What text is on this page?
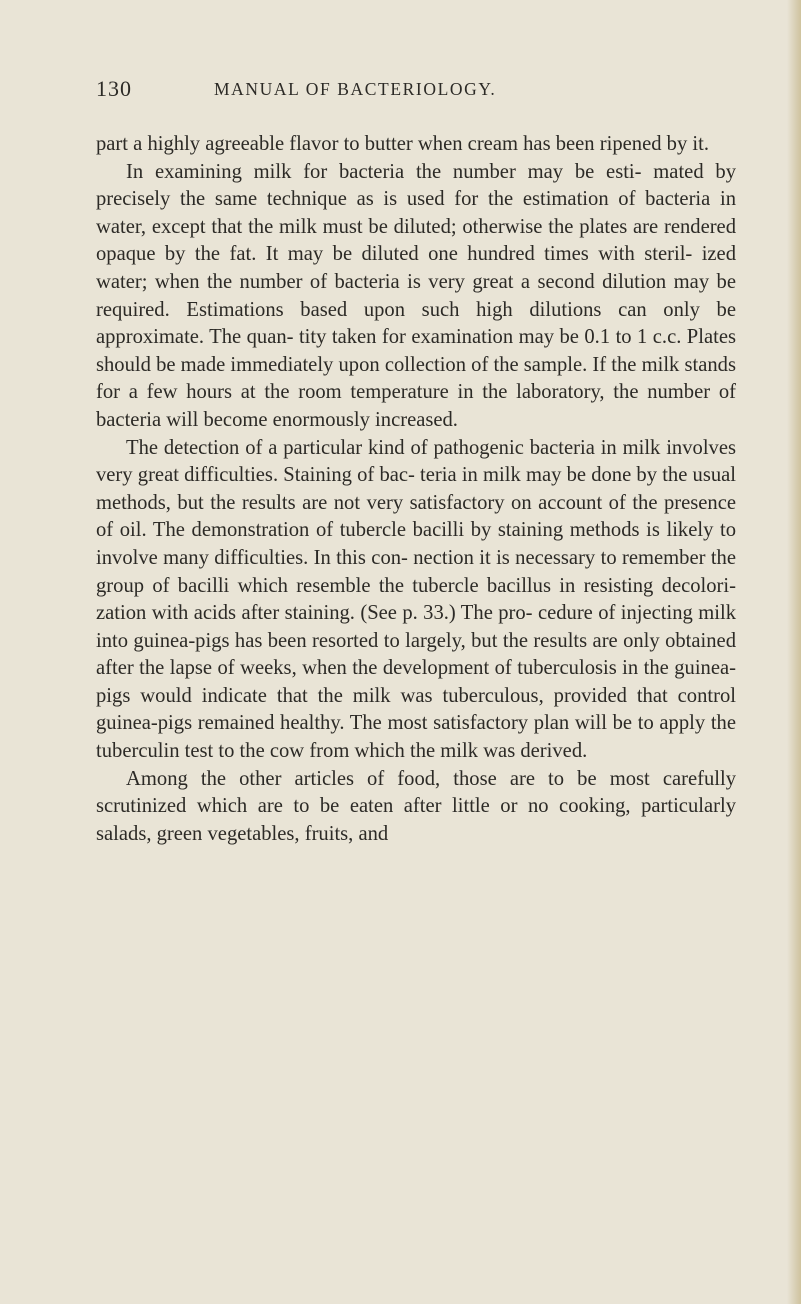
130	MANUAL OF BACTERIOLOGY.

part a highly agreeable flavor to butter when cream has been ripened by it.

In examining milk for bacteria the number may be esti- mated by precisely the same technique as is used for the estimation of bacteria in water, except that the milk must be diluted; otherwise the plates are rendered opaque by the fat. It may be diluted one hundred times with steril- ized water; when the number of bacteria is very great a second dilution may be required. Estimations based upon such high dilutions can only be approximate. The quan- tity taken for examination may be 0.1 to 1 c.c. Plates should be made immediately upon collection of the sample. If the milk stands for a few hours at the room temperature in the laboratory, the number of bacteria will become enormously increased.

The detection of a particular kind of pathogenic bacteria in milk involves very great difficulties. Staining of bac- teria in milk may be done by the usual methods, but the results are not very satisfactory on account of the presence of oil. The demonstration of tubercle bacilli by staining methods is likely to involve many difficulties. In this con- nection it is necessary to remember the group of bacilli which resemble the tubercle bacillus in resisting decolori- zation with acids after staining. (See p. 33.) The pro- cedure of injecting milk into guinea-pigs has been resorted to largely, but the results are only obtained after the lapse of weeks, when the development of tuberculosis in the guinea-pigs would indicate that the milk was tuberculous, provided that control guinea-pigs remained healthy. The most satisfactory plan will be to apply the tuberculin test to the cow from which the milk was derived.

Among the other articles of food, those are to be most carefully scrutinized which are to be eaten after little or no cooking, particularly salads, green vegetables, fruits, and
